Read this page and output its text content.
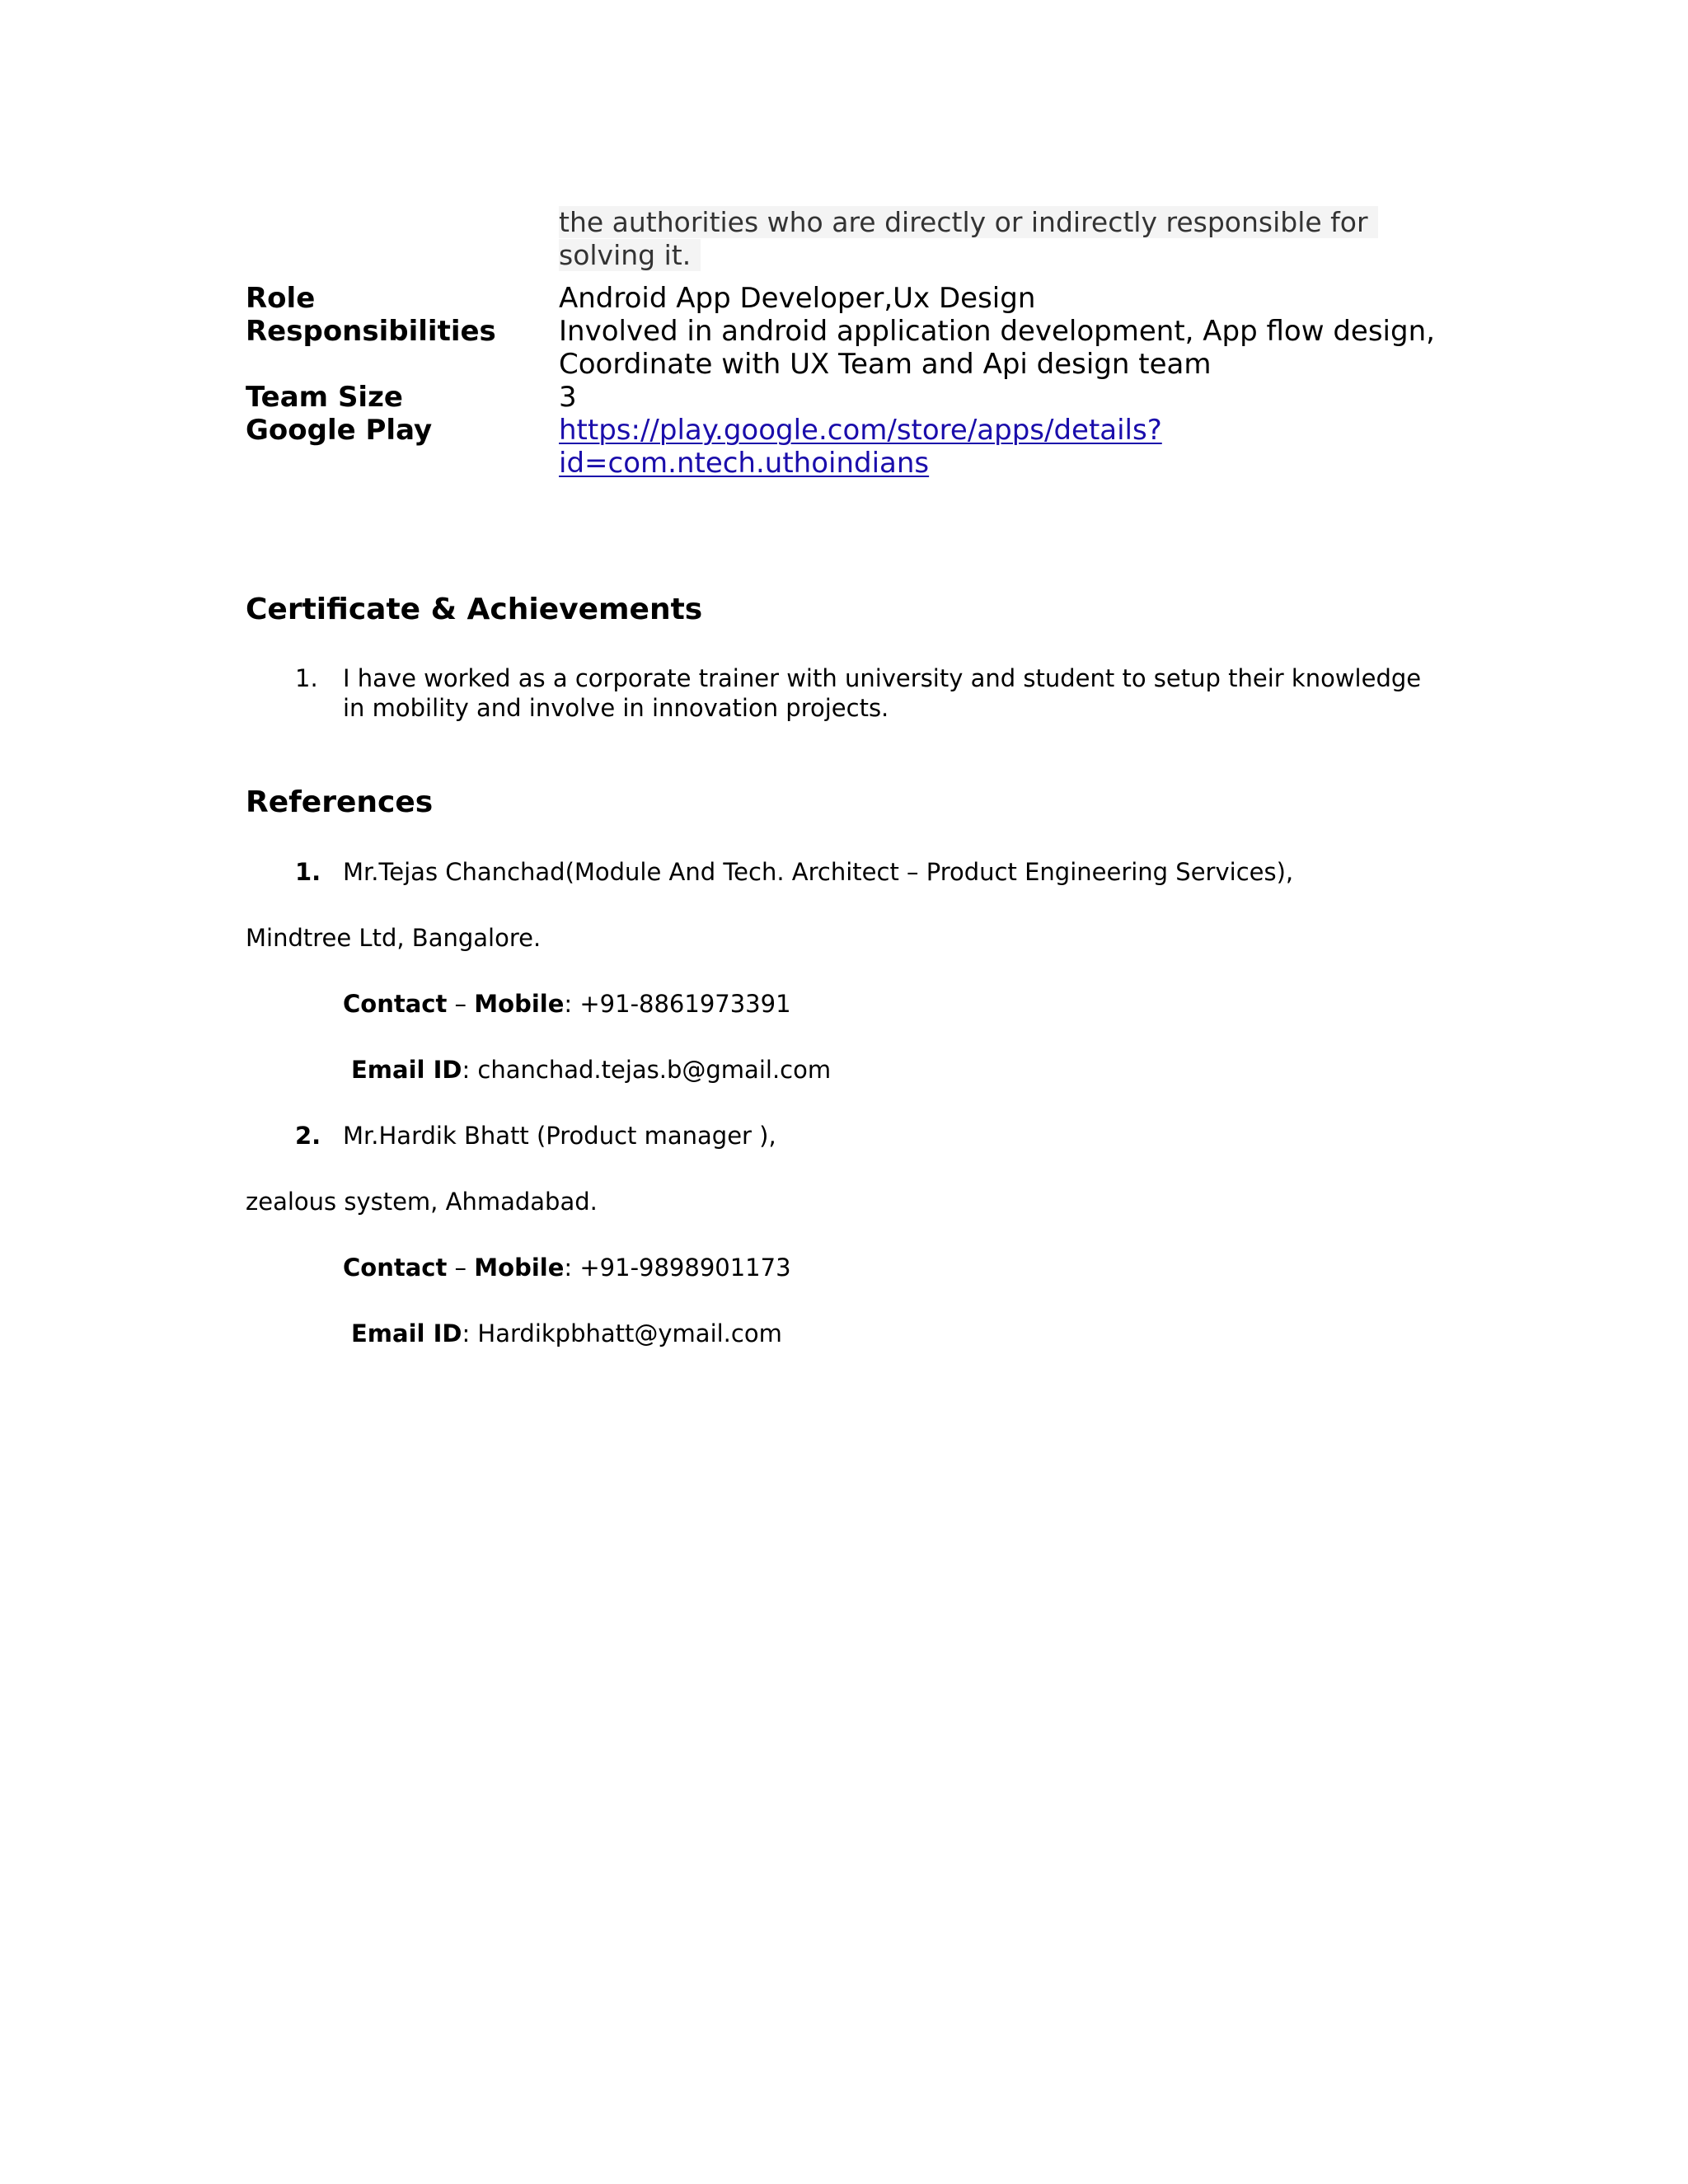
the authorities who are directly or indirectly responsible for
solving it.
Role	Android App Developer,Ux Design
Responsibilities Involved in android application development, App flow design,
Coordinate with UX Team and Api design team
Team Size	3
Google Play	https://play.google.com/store/apps/details?
id=com.ntech.uthoindians
Certificate & Achievements
1. I have worked as a corporate trainer with university and student to setup their knowledge
in mobility and involve in innovation projects.
References
1. Mr.Tejas Chanchad(Module And Tech. Architect – Product Engineering Services),
Mindtree Ltd, Bangalore.
Contact – Mobile: +91-8861973391
Email ID: chanchad.tejas.b@gmail.com
2. Mr.Hardik Bhatt (Product manager ),
zealous system, Ahmadabad.
Contact – Mobile: +91-9898901173
Email ID: Hardikpbhatt@ymail.com
